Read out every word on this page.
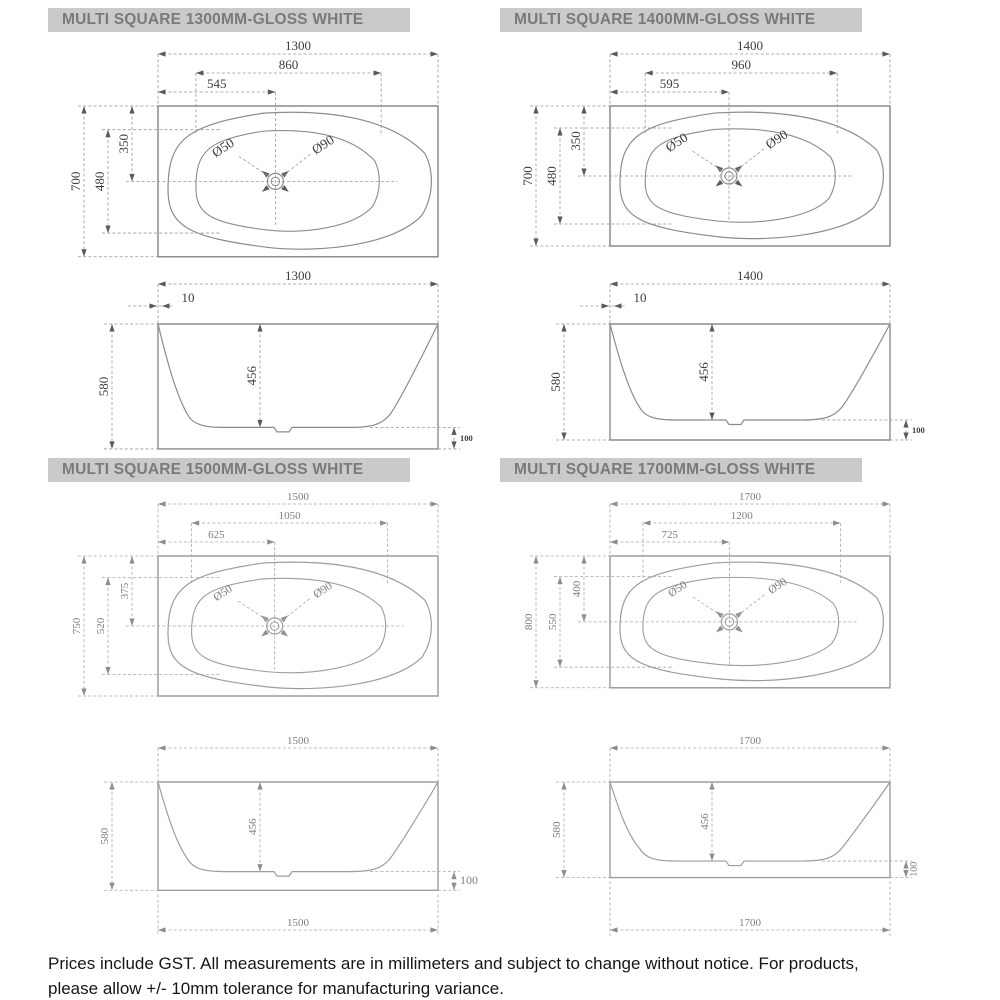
MULTI SQUARE 1300MM-GLOSS WHITE
Ø50	Ø90
1300
860
545
700 480
350
1300
10
580
456
100
MULTI SQUARE 1400MM-GLOSS WHITE
Ø50	Ø90
1400
960
595
700 480
350
1400
10
580
456
100
MULTI SQUARE 1500MM-GLOSS WHITE
Ø50	Ø90
1500
1050
625
750 520
375
1500
580
456
100
1500
MULTI SQUARE 1700MM-GLOSS WHITE
Ø50	Ø90
1700
1200
725
800 550
400
1700
580	456
100
1700
Prices include GST. All measurements are in millimeters and subject to change without notice. For products,
please allow +/- 10mm tolerance for manufacturing variance.
